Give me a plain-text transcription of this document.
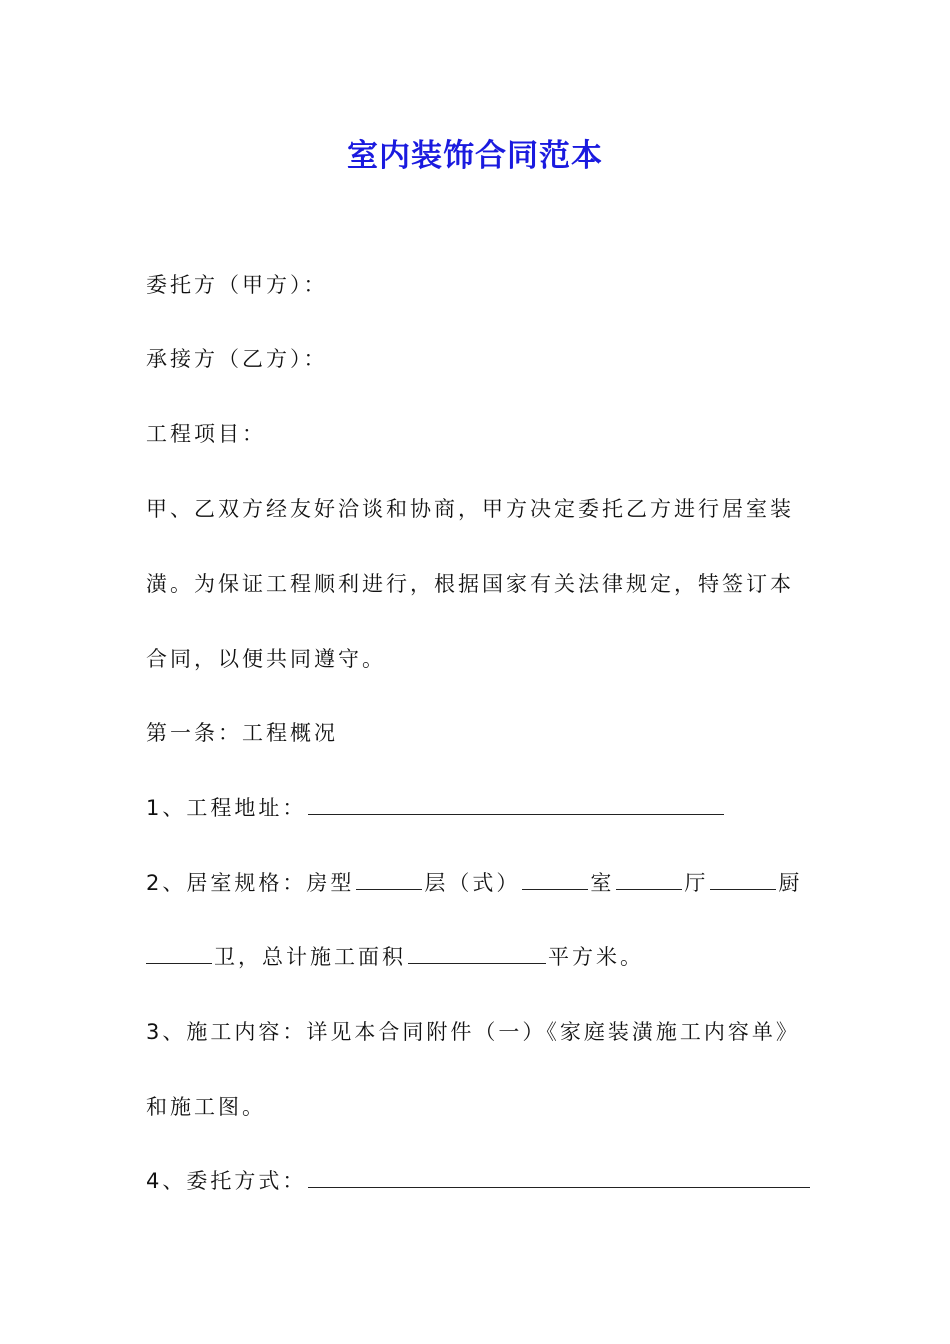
室内装饰合同范本
委托方（甲方）：
承接方（乙方）：
工程项目：
甲、乙双方经友好洽谈和协商，甲方决定委托乙方进行居室装
潢。为保证工程顺利进行，根据国家有关法律规定，特签订本
合同，以便共同遵守。
第一条：工程概况
1、工程地址：
2、居室规格：房型	层（式）	室	厅	厨
卫，总计施工面积	平方米。
3、施工内容：详见本合同附件（一）《家庭装潢施工内容单》
和施工图。
4、委托方式：
